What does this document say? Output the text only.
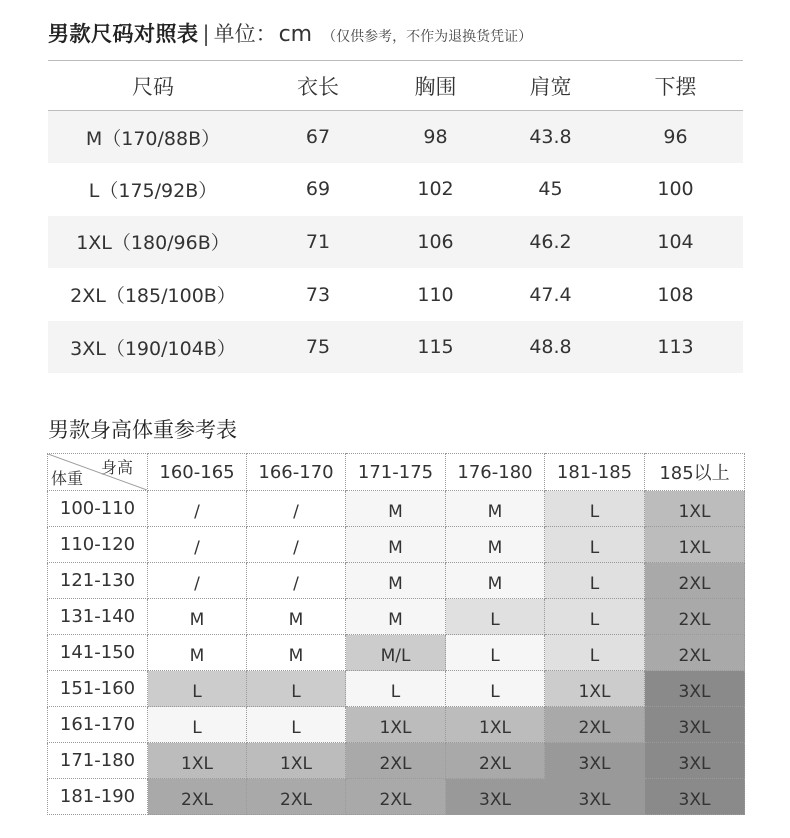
男款尺码对照表 | 单位： cm （仅供参考，不作为退换货凭证）
尺码	衣长	胸围	肩宽	下摆
M（170/88B）	67	98	43.8	96
L（175/92B）	69	102	45	100
1XL（180/96B）	71	106	46.2	104
2XL（185/100B）	73	110	47.4	108
3XL（190/104B）	75	115	48.8	113
男款身高体重参考表
身高
体重	160-165	166-170	171-175	176-180	181-185	185以上
100-110	/	/	M	M	L	1XL
110-120	/	/	M	M	L	1XL
121-130	/	/	M	M	L	2XL
131-140	M	M	M	L	L	2XL
141-150	M	M	M/L	L	L	2XL
151-160	L	L	L	L	1XL	3XL
161-170	L	L	1XL	1XL	2XL	3XL
171-180	1XL	1XL	2XL	2XL	3XL	3XL
181-190	2XL	2XL	2XL	3XL	3XL	3XL
